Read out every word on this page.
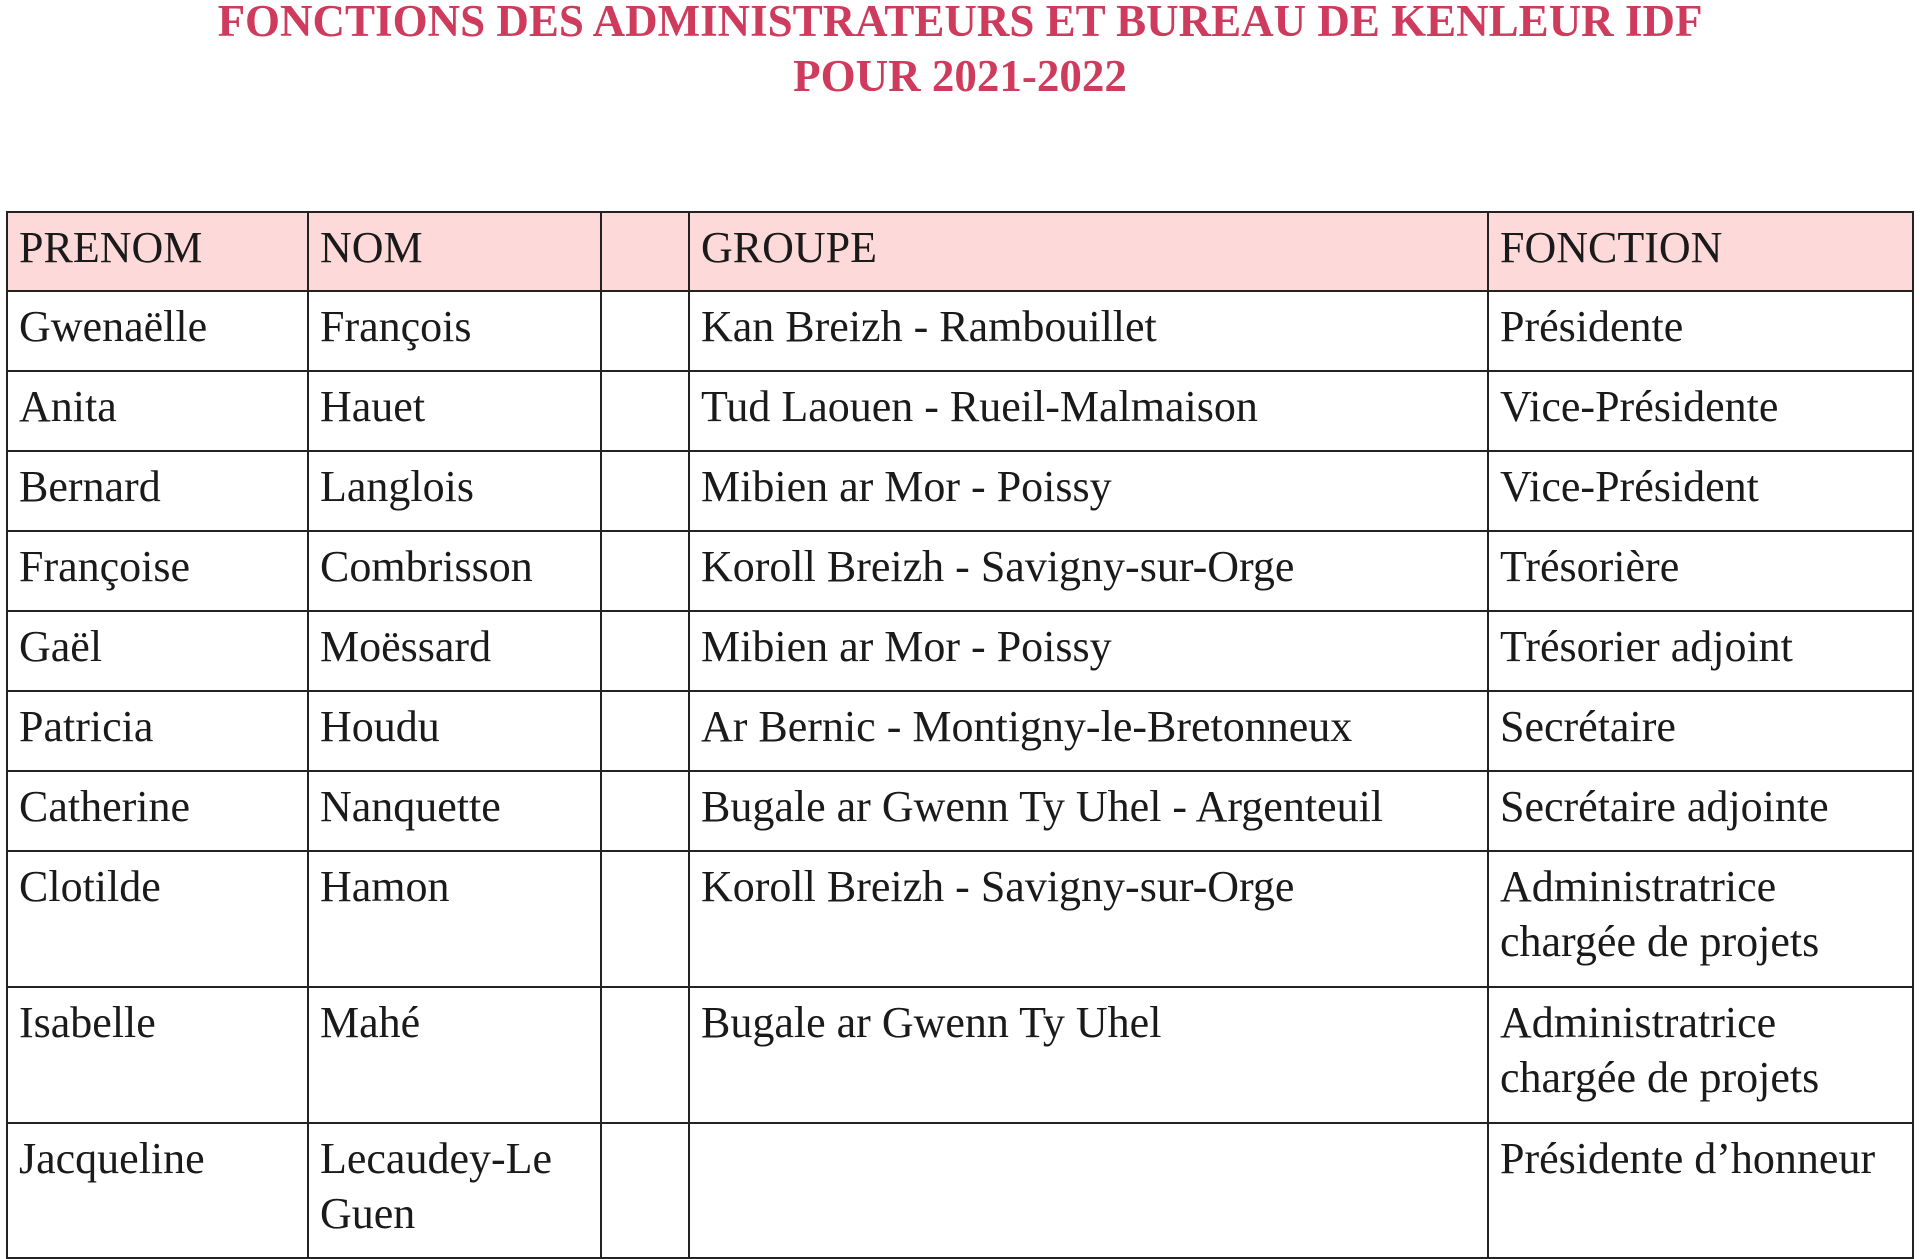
FONCTIONS DES ADMINISTRATEURS ET BUREAU DE KENLEUR IDF
POUR 2021-2022
PRENOM	NOM		GROUPE	FONCTION
Gwenaëlle	François		Kan Breizh - Rambouillet	Présidente
Anita	Hauet		Tud Laouen - Rueil-Malmaison	Vice-Présidente
Bernard	Langlois		Mibien ar Mor - Poissy	Vice-Président
Françoise	Combrisson		Koroll Breizh - Savigny-sur-Orge	Trésorière
Gaël	Moëssard		Mibien ar Mor - Poissy	Trésorier adjoint
Patricia	Houdu		Ar Bernic - Montigny-le-Bretonneux	Secrétaire
Catherine	Nanquette		Bugale ar Gwenn Ty Uhel - Argenteuil	Secrétaire adjointe
Clotilde	Hamon		Koroll Breizh - Savigny-sur-Orge	Administratrice chargée de projets
Isabelle	Mahé		Bugale ar Gwenn Ty Uhel	Administratrice chargée de projets
Jacqueline	Lecaudey-Le Guen			Présidente d’honneur
